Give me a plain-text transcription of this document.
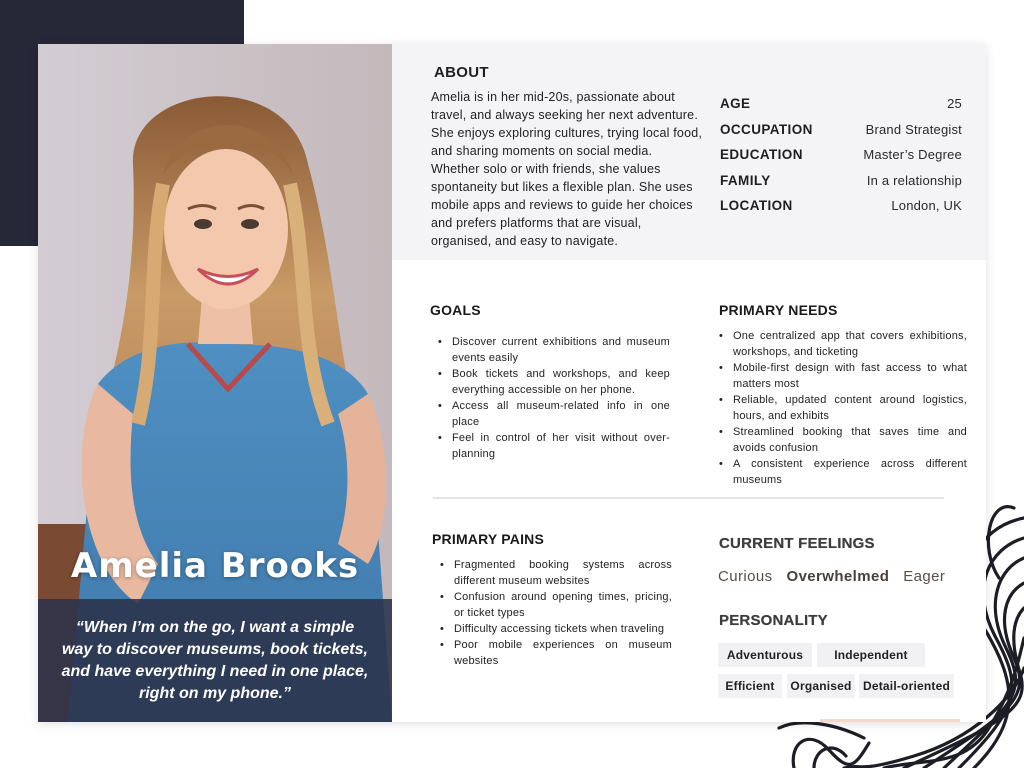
Amelia Brooks

“When I’m on the go, I want a simple way to discover museums, book tickets, and have everything I need in one place, right on my phone.”

ABOUT

Amelia is in her mid-20s, passionate about travel, and always seeking her next adventure. She enjoys exploring cultures, trying local food, and sharing moments on social media. Whether solo or with friends, she values spontaneity but likes a flexible plan. She uses mobile apps and reviews to guide her choices and prefers platforms that are visual, organised, and easy to navigate.

AGE	25
OCCUPATION	Brand Strategist
EDUCATION	Master’s Degree
FAMILY	In a relationship
LOCATION	London, UK
GOALS
• Discover current exhibitions and museum events easily
• Book tickets and workshops, and keep everything accessible on her phone.
• Access all museum-related info in one place
• Feel in control of her visit without over-planning
PRIMARY NEEDS
• One centralized app that covers exhibitions, workshops, and ticketing
• Mobile-first design with fast access to what matters most
• Reliable, updated content around logistics, hours, and exhibits
• Streamlined booking that saves time and avoids confusion
• A consistent experience across different museums
PRIMARY PAINS
• Fragmented booking systems across different museum websites
• Confusion around opening times, pricing, or ticket types
• Difficulty accessing tickets when traveling
• Poor mobile experiences on museum websites
CURRENT FEELINGS
Curious Overwhelmed Eager
PERSONALITY
Adventurous	Independent
Efficient	Organised Detail-oriented
